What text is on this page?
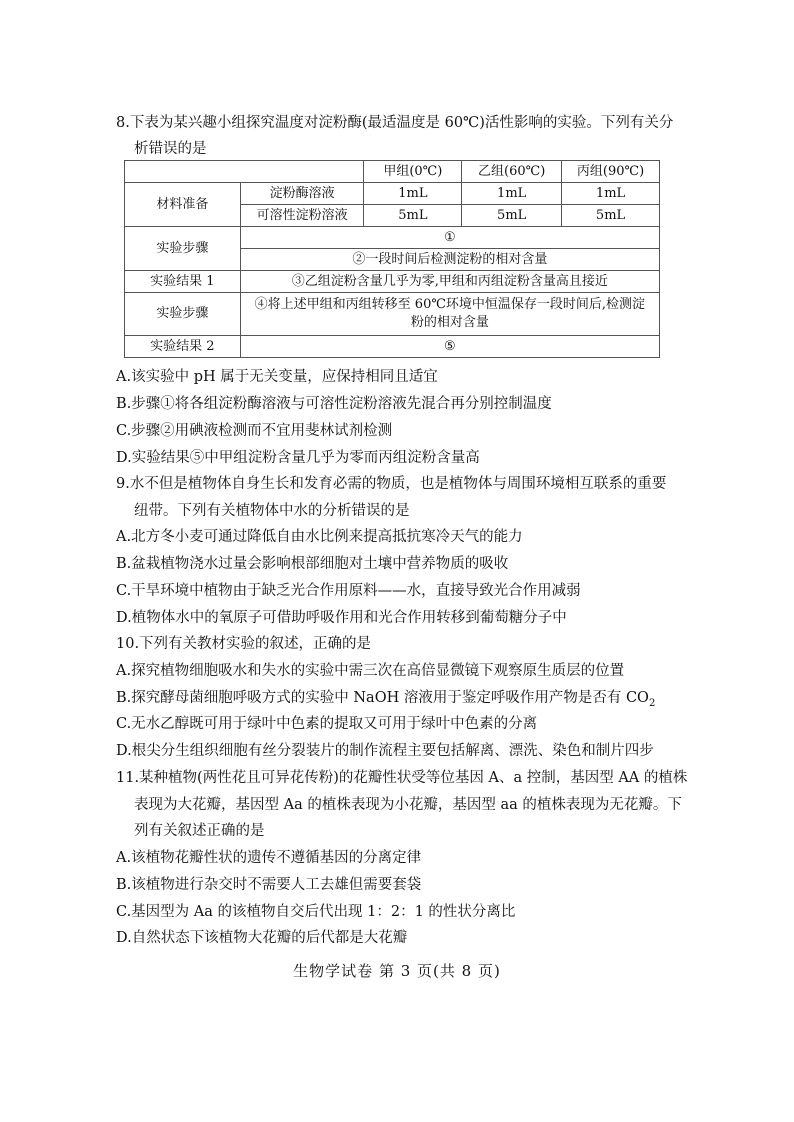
8.下表为某兴趣小组探究温度对淀粉酶(最适温度是 60℃)活性影响的实验。下列有关分
析错误的是
		甲组(0℃)	乙组(60℃)	丙组(90℃)
材料准备	淀粉酶溶液	1mL	1mL	1mL
	可溶性淀粉溶液	5mL	5mL	5mL
实验步骤	①			
	②一段时间后检测淀粉的相对含量			
实验结果 1	③乙组淀粉含量几乎为零,甲组和丙组淀粉含量高且接近			
实验步骤	④将上述甲组和丙组转移至 60℃环境中恒温保存一段时间后,检测淀
粉的相对含量			

实验结果 2	⑤			
A.该实验中 pH 属于无关变量，应保持相同且适宜
B.步骤①将各组淀粉酶溶液与可溶性淀粉溶液先混合再分别控制温度
C.步骤②用碘液检测而不宜用斐林试剂检测
D.实验结果⑤中甲组淀粉含量几乎为零而丙组淀粉含量高
9.水不但是植物体自身生长和发育必需的物质，也是植物体与周围环境相互联系的重要
纽带。下列有关植物体中水的分析错误的是
A.北方冬小麦可通过降低自由水比例来提高抵抗寒冷天气的能力
B.盆栽植物浇水过量会影响根部细胞对土壤中营养物质的吸收
C.干旱环境中植物由于缺乏光合作用原料——水，直接导致光合作用减弱
D.植物体水中的氧原子可借助呼吸作用和光合作用转移到葡萄糖分子中
10.下列有关教材实验的叙述，正确的是
A.探究植物细胞吸水和失水的实验中需三次在高倍显微镜下观察原生质层的位置
B.探究酵母菌细胞呼吸方式的实验中 NaOH 溶液用于鉴定呼吸作用产物是否有 $CO_2$
C.无水乙醇既可用于绿叶中色素的提取又可用于绿叶中色素的分离
D.根尖分生组织细胞有丝分裂装片的制作流程主要包括解离、漂洗、染色和制片四步
11.某种植物(两性花且可异花传粉)的花瓣性状受等位基因 A、a 控制，基因型 AA 的植株
表现为大花瓣，基因型 Aa 的植株表现为小花瓣，基因型 aa 的植株表现为无花瓣。下
列有关叙述正确的是
A.该植物花瓣性状的遗传不遵循基因的分离定律
B.该植物进行杂交时不需要人工去雄但需要套袋
C.基因型为 Aa 的该植物自交后代出现 1：2：1 的性状分离比
D.自然状态下该植物大花瓣的后代都是大花瓣
生物学试卷 第 3 页(共 8 页)
